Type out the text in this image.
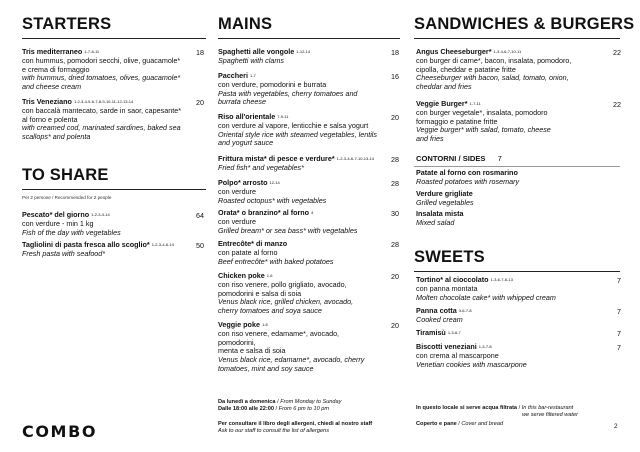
STARTERS
Tris mediterraneo 1-7-8-11
con hummus, pomodori secchi, olive, guacamole*
e crema di formaggio
with hummus, dried tomatoes, olives, guacamole*
and cheese cream
18
Tris Veneziano 1-2-3-4-5-6-7-8-9-10-11-12-13-14
con baccalà mantecato, sarde in saor, capesante*
al forno e polenta
with creamed cod, marinated sardines, baked sea
scallops* and polenta
20
TO SHARE
Per 2 persone / Recommended for 2 people
Pescato* del giorno 1-2-3-4-14
con verdure - min 1 kg
Fish of the day with vegetables
64
Tagliolini di pasta fresca allo scoglio* 1-2-3-4-6-14
Fresh pasta with seafood*
50
MAINS
Spaghetti alle vongole 1-12-14
Spaghetti with clams
18
Paccheri 1-7
con verdure, pomodorini e burrata
Pasta with vegetables, cherry tomatoes and
burrata cheese
16
Riso all'orientale 7-9-11
con verdure al vapore, lenticchie e salsa yogurt
Oriental style rice with steamed vegetables, lentils
and yogurt sauce
20
Frittura mista* di pesce e verdure* 1-2-3-4-6-7-10-13-14
Fried fish* and vegetables*
28
Polpo* arrosto 12-14
con verdure
Roasted octopus* with vegetables
28
Orata* o branzino* al forno 4
con verdure
Grilled bream* or sea bass* with vegetables
30
Entrecôte* di manzo
con patate al forno
Beef entrecôte* with baked potatoes
28
Chicken poke 1-6
con riso venere, pollo grigliato, avocado,
pomodorini e salsa di soia
Venus black rice, grilled chicken, avocado,
cherry tomatoes and soya sauce
20
Veggie poke 1-6
con riso venere, edamame*, avocado, pomodorini,
menta e salsa di soia
Venus black rice, edamame*, avocado, cherry
tomatoes, mint and soy sauce
20
SANDWICHES & BURGERS
Angus Cheeseburger* 1-3-4-6-7-10-11
con burger di carne*, bacon, insalata, pomodoro,
cipolla, cheddar e patatine fritte
Cheeseburger with bacon, salad, tomato, onion,
cheddar and fries
22
Veggie Burger* 1-7-11
con burger vegetale*, insalata, pomodoro
formaggio e patatine fritte
Veggie burger* with salad, tomato, cheese
and fries
22
CONTORNI / SIDES 7
Patate al forno con rosmarino
Roasted potatoes with rosemary
Verdure grigliate
Grilled vegetables
Insalata mista
Mixed salad
SWEETS
Tortino* al cioccolato 1-3-6-7-8-13
con panna montata
Molten chocolate cake* with whipped cream
7
Panna cotta 3-6-7-8
Cooked cream
7
Tiramisù 1-3-6-7	7
Biscotti veneziani 1-3-7-8
con crema al mascarpone
Venetian cookies with mascarpone
7
Da lunedì a domenica / From Monday to Sunday
Dalle 18:00 alle 22:00 / From 6 pm to 10 pm
Per consultare il libro degli allergeni, chiedi al nostro staff
Ask to our staff to consult the list of allergens
In questo locale si serve acqua filtrata / In this bar-restaurant
we serve filtered water
Coperto e pane / Cover and bread
COMBO	2
